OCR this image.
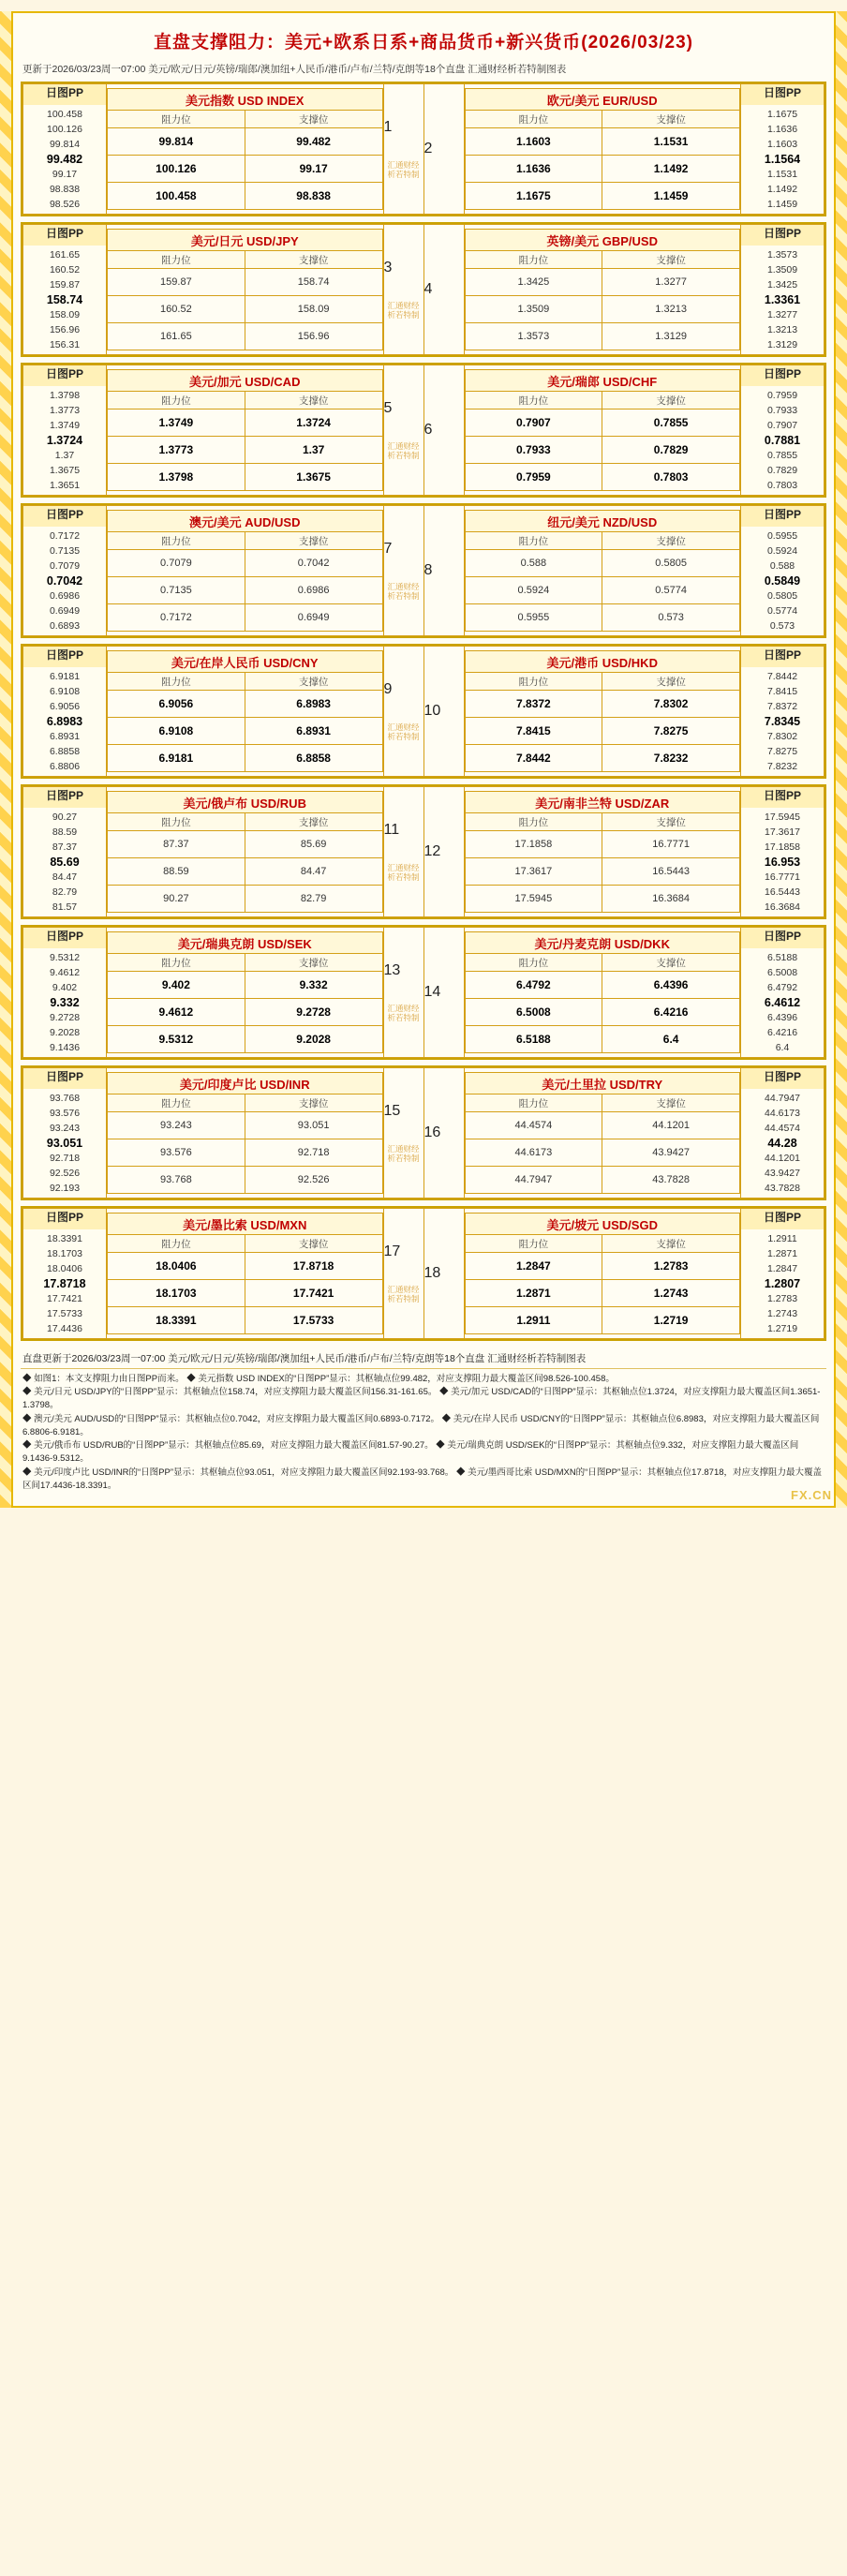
直盘支撑阻力：美元+欧系日系+商品货币+新兴货币(2026/03/23)
更新于2026/03/23周一07:00 美元/欧元/日元/英镑/瑞郎/澳加纽+人民币/港币/卢布/兰特/克朗等18个直盘 汇通财经析若特制图表
日图PP
100.458
100.126
99.814
99.482
99.17
98.838
98.526

美元指数 USD INDEX
阻力位	支撑位
99.814	99.482
100.126	99.17
100.458	98.838

1
汇通财经
析若特制
	2	
欧元/美元 EUR/USD
阻力位	支撑位
1.1603	1.1531
1.1636	1.1492
1.1675	1.1459

日图PP
1.1675
1.1636
1.1603
1.1564
1.1531
1.1492
1.1459
日图PP
161.65
160.52
159.87
158.74
158.09
156.96
156.31

美元/日元 USD/JPY
阻力位	支撑位
159.87	158.74
160.52	158.09
161.65	156.96

3
汇通财经
析若特制
	4	
英镑/美元 GBP/USD
阻力位	支撑位
1.3425	1.3277
1.3509	1.3213
1.3573	1.3129

日图PP
1.3573
1.3509
1.3425
1.3361
1.3277
1.3213
1.3129
日图PP
1.3798
1.3773
1.3749
1.3724
1.37
1.3675
1.3651

美元/加元 USD/CAD
阻力位	支撑位
1.3749	1.3724
1.3773	1.37
1.3798	1.3675

5
汇通财经
析若特制
	6	
美元/瑞郎 USD/CHF
阻力位	支撑位
0.7907	0.7855
0.7933	0.7829
0.7959	0.7803

日图PP
0.7959
0.7933
0.7907
0.7881
0.7855
0.7829
0.7803
日图PP
0.7172
0.7135
0.7079
0.7042
0.6986
0.6949
0.6893

澳元/美元 AUD/USD
阻力位	支撑位
0.7079	0.7042
0.7135	0.6986
0.7172	0.6949

7
汇通财经
析若特制
	8	
纽元/美元 NZD/USD
阻力位	支撑位
0.588	0.5805
0.5924	0.5774
0.5955	0.573

日图PP
0.5955
0.5924
0.588
0.5849
0.5805
0.5774
0.573
日图PP
6.9181
6.9108
6.9056
6.8983
6.8931
6.8858
6.8806

美元/在岸人民币 USD/CNY
阻力位	支撑位
6.9056	6.8983
6.9108	6.8931
6.9181	6.8858

9
汇通财经
析若特制
	10	
美元/港币 USD/HKD
阻力位	支撑位
7.8372	7.8302
7.8415	7.8275
7.8442	7.8232

日图PP
7.8442
7.8415
7.8372
7.8345
7.8302
7.8275
7.8232
日图PP
90.27
88.59
87.37
85.69
84.47
82.79
81.57

美元/俄卢布 USD/RUB
阻力位	支撑位
87.37	85.69
88.59	84.47
90.27	82.79

11
汇通财经
析若特制
	12	
美元/南非兰特 USD/ZAR
阻力位	支撑位
17.1858	16.7771
17.3617	16.5443
17.5945	16.3684

日图PP
17.5945
17.3617
17.1858
16.953
16.7771
16.5443
16.3684
日图PP
9.5312
9.4612
9.402
9.332
9.2728
9.2028
9.1436

美元/瑞典克朗 USD/SEK
阻力位	支撑位
9.402	9.332
9.4612	9.2728
9.5312	9.2028

13
汇通财经
析若特制
	14	
美元/丹麦克朗 USD/DKK
阻力位	支撑位
6.4792	6.4396
6.5008	6.4216
6.5188	6.4

日图PP
6.5188
6.5008
6.4792
6.4612
6.4396
6.4216
6.4
日图PP
93.768
93.576
93.243
93.051
92.718
92.526
92.193

美元/印度卢比 USD/INR
阻力位	支撑位
93.243	93.051
93.576	92.718
93.768	92.526

15
汇通财经
析若特制
	16	
美元/土里拉 USD/TRY
阻力位	支撑位
44.4574	44.1201
44.6173	43.9427
44.7947	43.7828

日图PP
44.7947
44.6173
44.4574
44.28
44.1201
43.9427
43.7828
日图PP
18.3391
18.1703
18.0406
17.8718
17.7421
17.5733
17.4436

美元/墨比索 USD/MXN
阻力位	支撑位
18.0406	17.8718
18.1703	17.7421
18.3391	17.5733

17
汇通财经
析若特制
	18	
美元/坡元 USD/SGD
阻力位	支撑位
1.2847	1.2783
1.2871	1.2743
1.2911	1.2719

日图PP
1.2911
1.2871
1.2847
1.2807
1.2783
1.2743
1.2719
直盘更新于2026/03/23周一07:00 美元/欧元/日元/英镑/瑞郎/澳加纽+人民币/港币/卢布/兰特/克朗等18个直盘 汇通财经析若特制图表
◆ 如图1：本文支撑阻力由日图PP而来。 ◆ 美元指数 USD INDEX的“日图PP”显示：其枢轴点位99.482，对应支撑阻力最大覆盖区间98.526-100.458。
◆ 美元/日元 USD/JPY的“日图PP”显示：其枢轴点位158.74，对应支撑阻力最大覆盖区间156.31-161.65。 ◆ 美元/加元 USD/CAD的“日图PP”显示：其枢轴点位1.3724，对应支撑阻力最大覆盖区间1.3651-1.3798。
◆ 澳元/美元 AUD/USD的“日图PP”显示：其枢轴点位0.7042，对应支撑阻力最大覆盖区间0.6893-0.7172。 ◆ 美元/在岸人民币 USD/CNY的“日图PP”显示：其枢轴点位6.8983，对应支撑阻力最大覆盖区间6.8806-6.9181。
◆ 美元/俄币布 USD/RUB的“日图PP”显示：其枢轴点位85.69，对应支撑阻力最大覆盖区间81.57-90.27。 ◆ 美元/瑞典克朗 USD/SEK的“日图PP”显示：其枢轴点位9.332，对应支撑阻力最大覆盖区间9.1436-9.5312。
◆ 美元/印度卢比 USD/INR的“日图PP”显示：其枢轴点位93.051，对应支撑阻力最大覆盖区间92.193-93.768。 ◆ 美元/墨西哥比索 USD/MXN的“日图PP”显示：其枢轴点位17.8718，对应支撑阻力最大覆盖区间17.4436-18.3391。
FX.CN
